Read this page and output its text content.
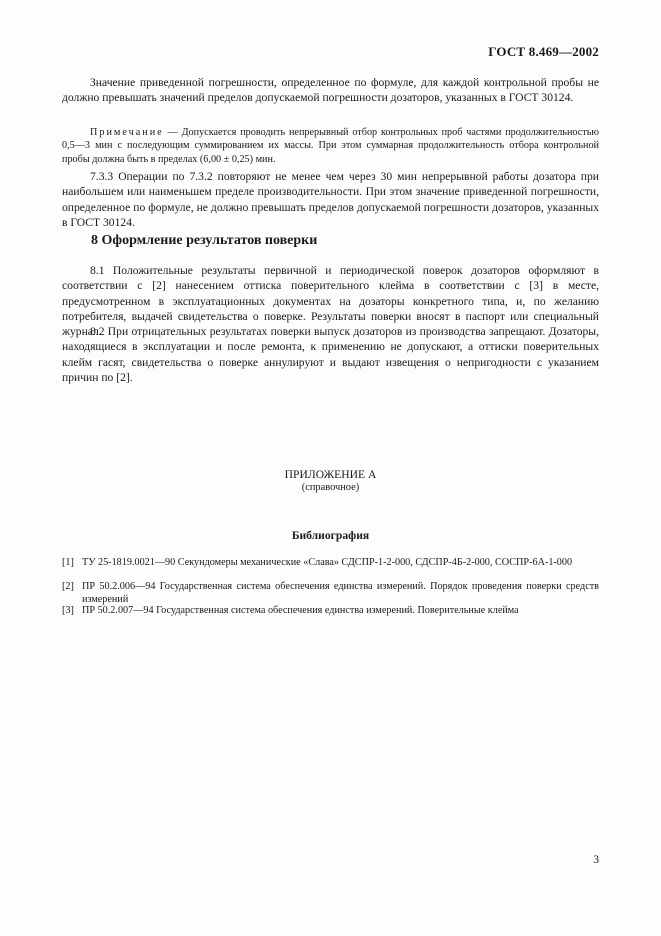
ГОСТ 8.469—2002

Значение приведенной погрешности, определенное по формуле, для каждой контрольной пробы не должно превышать значений пределов допускаемой погрешности дозаторов, указанных в ГОСТ 30124.

Примечание — Допускается проводить непрерывный отбор контрольных проб частями продолжительностью 0,5—3 мин с последующим суммированием их массы. При этом суммарная продолжительность отбора контрольной пробы должна быть в пределах (6,00 ± 0,25) мин.

7.3.3 Операции по 7.3.2 повторяют не менее чем через 30 мин непрерывной работы дозатора при наибольшем или наименьшем пределе производительности. При этом значение приведенной погрешности, определенное по формуле, не должно превышать пределов допускаемой погрешности дозаторов, указанных в ГОСТ 30124.

8 Оформление результатов поверки

8.1 Положительные результаты первичной и периодической поверок дозаторов оформляют в соответствии с [2] нанесением оттиска поверительного клейма в соответствии с [3] в месте, предусмотренном в эксплуатационных документах на дозаторы конкретного типа, и, по желанию потребителя, выдачей свидетельства о поверке. Результаты поверки вносят в паспорт или специальный журнал.

8.2 При отрицательных результатах поверки выпуск дозаторов из производства запрещают. Дозаторы, находящиеся в эксплуатации и после ремонта, к применению не допускают, а оттиски поверительных клейм гасят, свидетельства о поверке аннулируют и выдают извещения о непригодности с указанием причин по [2].

ПРИЛОЖЕНИЕ А

(справочное)

Библиография

[1] ТУ 25-1819.0021—90 Секундомеры механические «Слава» СДСПР-1-2-000, СДСПР-4Б-2-000, СОСПР-6А-1-000
[2] ПР 50.2.006—94 Государственная система обеспечения единства измерений. Порядок проведения поверки средств измерений
[3] ПР 50.2.007—94 Государственная система обеспечения единства измерений. Поверительные клейма
3
